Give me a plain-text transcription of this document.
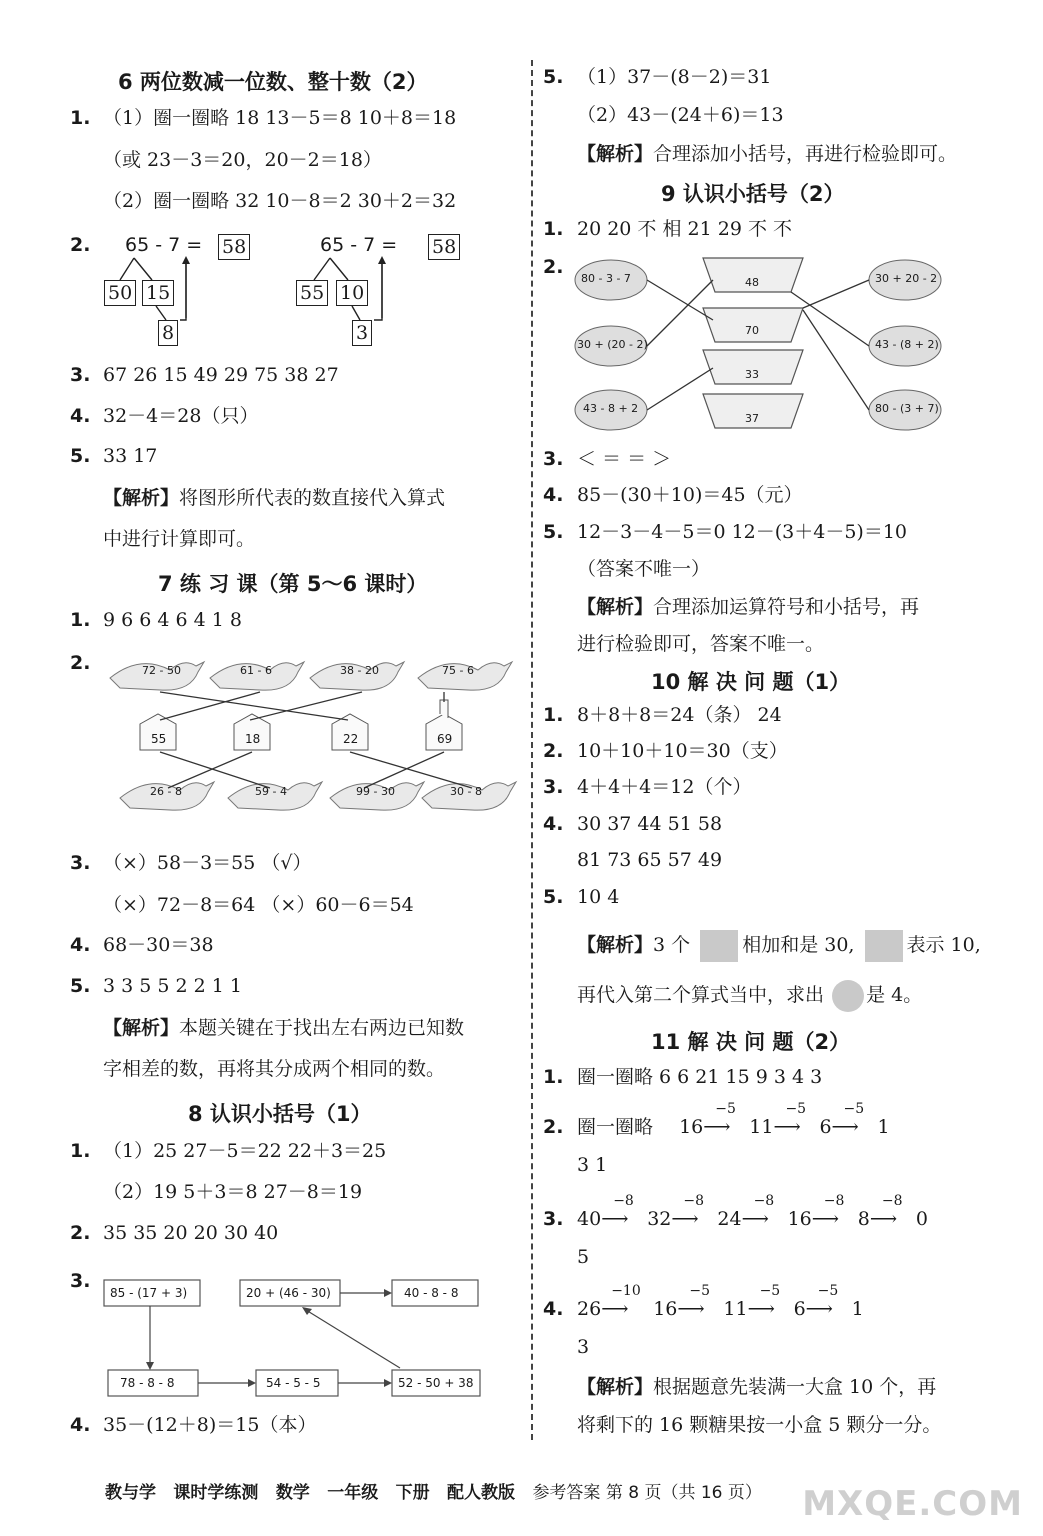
6 两位数减一位数、整十数（2）
1. （1）圈一圈略 18 13－5＝8 10＋8＝18
（或 23－3＝20，20－2＝18）
（2）圈一圈略 32 10－8＝2 30＋2＝32
2. 65 - 7 = 58
50 15
8
65 - 7 = 58
55 10
3
3. 67 26 15 49 29 75 38 27
4. 32－4＝28（只）
5. 33 17
【解析】将图形所代表的数直接代入算式
中进行计算即可。
7 练 习 课（第 5～6 课时）
1. 9 6 6 4 6 4 1 8
2.	72 - 50	61 - 6	38 - 20	75 - 6
55	18	22	69
26 - 8	59 - 4	99 - 30	30 - 8
3. （×）58－3＝55 （√）
（×）72－8＝64 （×）60－6＝54
4. 68－30＝38
5. 3 3 5 5 2 2 1 1
【解析】本题关键在于找出左右两边已知数
字相差的数，再将其分成两个相同的数。
8 认识小括号（1）
1. （1）25 27－5＝22 22＋3＝25
（2）19 5＋3＝8 27－8＝19
2. 35 35 20 20 30 40
3.
85 - (17 + 3)	20 + (46 - 30)	40 - 8 - 8
78 - 8 - 8	54 - 5 - 5	52 - 50 + 38
4. 35－(12＋8)＝15（本）
5. （1）37－(8－2)＝31
（2）43－(24＋6)＝13
【解析】合理添加小括号，再进行检验即可。
9 认识小括号（2）
1. 20 20 不 相 21 29 不 不
2.
80 - 3 - 7
30 + (20 - 2)
43 - 8 + 2
48
70
33
37
30 + 20 - 2
43 - (8 + 2)
80 - (3 + 7)
3. ＜ ＝ ＝ ＞
4. 85－(30＋10)＝45（元）
5. 12－3－4－5＝0 12－(3＋4－5)＝10
（答案不唯一）
【解析】合理添加运算符号和小括号，再
进行检验即可，答案不唯一。
10 解 决 问 题（1）
1. 8＋8＋8＝24（条） 24
2. 10＋10＋10＝30（支）
3. 4＋4＋4＝12（个）
4. 30 37 44 51 58
81 73 65 57 49
5. 10 4
【解析】3 个	相加和是 30,	表示 10,
再代入第二个算式当中，求出 是 4。
11 解 决 问 题（2）
1. 圈一圈略 6 6 21 15 9 3 4 3
2. 圈一圈略 16
−5
⟶ 11
−5
⟶ 6
−5
⟶ 1
3 1
3. 40
−8
⟶ 32
−8
⟶ 24
−8
⟶ 16
−8
⟶ 8
−8
⟶ 0
5
4. 26
−10
⟶ 16
−5
⟶ 11
−5
⟶ 6
−5
⟶ 1
3
【解析】根据题意先装满一大盒 10 个，再
将剩下的 16 颗糖果按一小盒 5 颗分一分。
教与学 课时学练测 数学 一年级 下册 配人教版 参考答案 第 8 页（共 16 页） MXQE.COM
